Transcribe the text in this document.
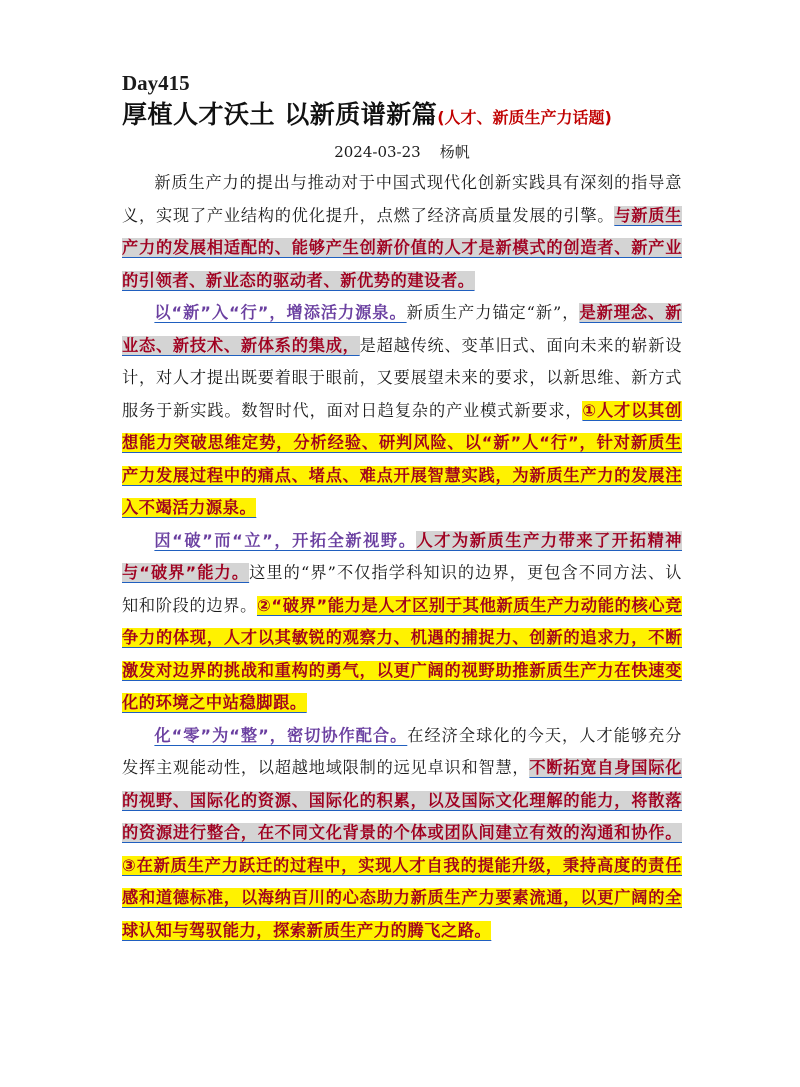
Day415

厚植人才沃土 以新质谱新篇(人才、新质生产力话题)

2024-03-23 杨帆

新质生产力的提出与推动对于中国式现代化创新实践具有深刻的指导意义，实现了产业结构的优化提升，点燃了经济高质量发展的引擎。与新质生产力的发展相适配的、能够产生创新价值的人才是新模式的创造者、新产业的引领者、新业态的驱动者、新优势的建设者。

以“新”入“行”，增添活力源泉。新质生产力锚定“新”，是新理念、新业态、新技术、新体系的集成，是超越传统、变革旧式、面向未来的崭新设计，对人才提出既要着眼于眼前，又要展望未来的要求，以新思维、新方式服务于新实践。数智时代，面对日趋复杂的产业模式新要求，①人才以其创想能力突破思维定势，分析经验、研判风险、以“新”人“行”，针对新质生产力发展过程中的痛点、堵点、难点开展智慧实践，为新质生产力的发展注入不竭活力源泉。

因“破”而“立”，开拓全新视野。人才为新质生产力带来了开拓精神与“破界”能力。这里的“界”不仅指学科知识的边界，更包含不同方法、认知和阶段的边界。②“破界”能力是人才区别于其他新质生产力动能的核心竞争力的体现，人才以其敏锐的观察力、机遇的捕捉力、创新的追求力，不断激发对边界的挑战和重构的勇气，以更广阔的视野助推新质生产力在快速变化的环境之中站稳脚跟。

化“零”为“整”，密切协作配合。在经济全球化的今天，人才能够充分发挥主观能动性，以超越地域限制的远见卓识和智慧，不断拓宽自身国际化的视野、国际化的资源、国际化的积累，以及国际文化理解的能力，将散落的资源进行整合，在不同文化背景的个体或团队间建立有效的沟通和协作。③在新质生产力跃迁的过程中，实现人才自我的提能升级，秉持高度的责任感和道德标准，以海纳百川的心态助力新质生产力要素流通，以更广阔的全球认知与驾驭能力，探索新质生产力的腾飞之路。
